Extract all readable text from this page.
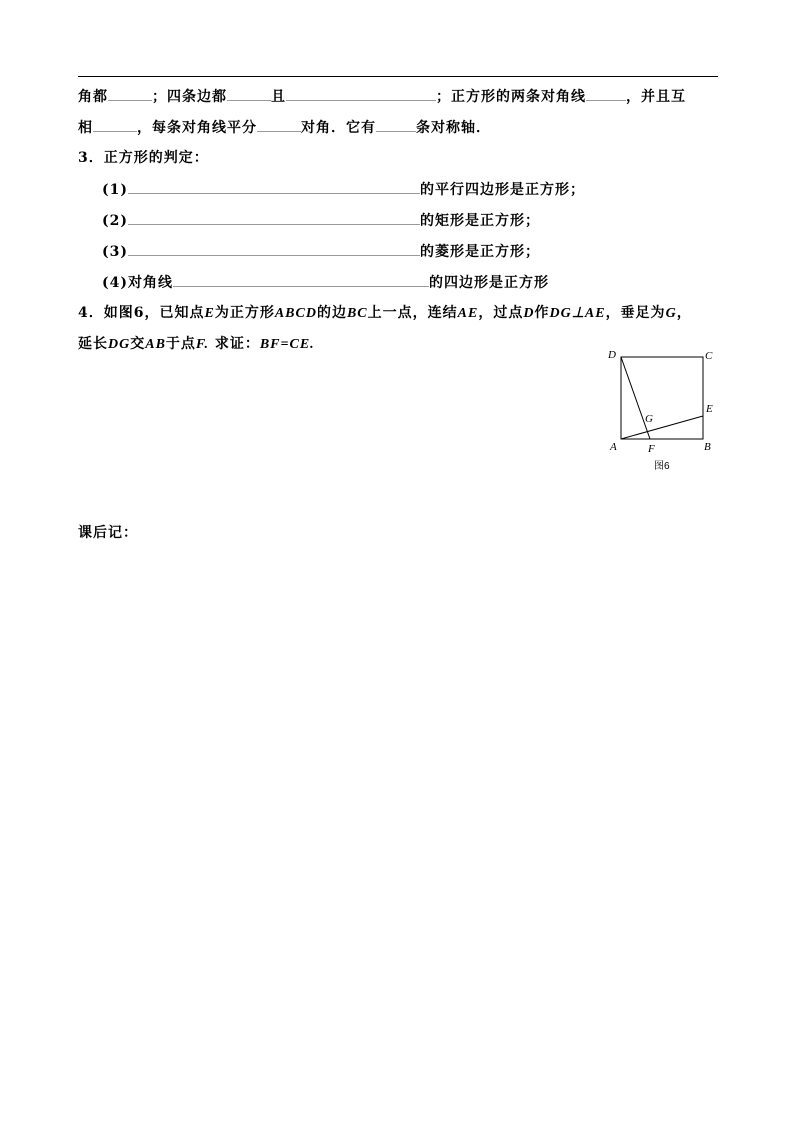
角都	；四条边都	且	；正方形的两条对角线	，并且互
相	，每条对角线平分	对角．它有	条对称轴．
3．正方形的判定：
(1)	的平行四边形是正方形；
(2)	的矩形是正方形；
(3)	的菱形是正方形；
(4)对角线	的四边形是正方形
4．如图6，已知点E为正方形ABCD的边BC上一点，连结AE，过点D作DG⊥AE，垂足为G，
延长DG交AB于点F. 求证：BF=CE.
D	C
E
G
A	F	B
图6
课后记：
